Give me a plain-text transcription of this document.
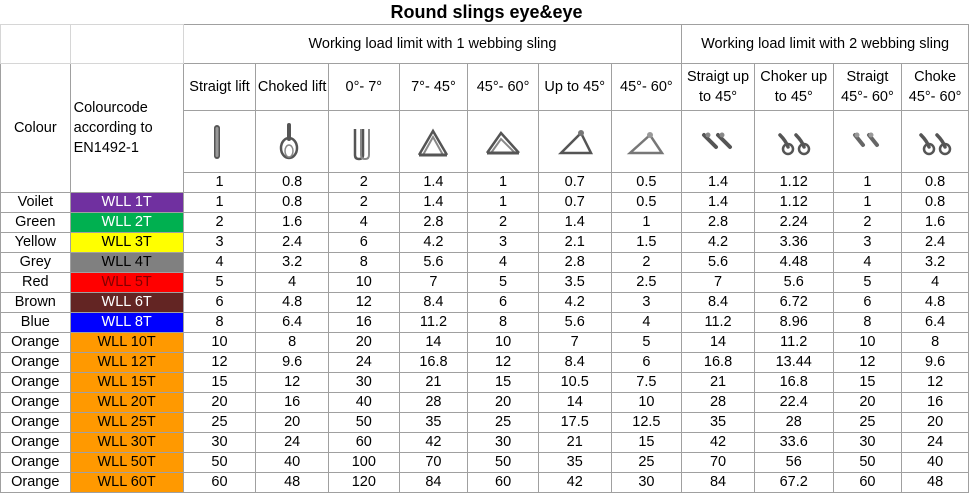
Round slings eye&eye
		Working load limit with 1 webbing sling							Working load limit with 2 webbing sling			
Colour	Colourcode according to EN1492-1	Straigt lift	Choked lift	0°- 7°	7°- 45°	45°- 60°	Up to 45°	45°- 60°	Straigt up to 45°	Choker up to 45°	Straigt 45°- 60°	Choke 45°- 60°

		1	0.8	2	1.4	1	0.7	0.5	1.4	1.12	1	0.8
Voilet	WLL 1T	1	0.8	2	1.4	1	0.7	0.5	1.4	1.12	1	0.8
Green	WLL 2T	2	1.6	4	2.8	2	1.4	1	2.8	2.24	2	1.6
Yellow	WLL 3T	3	2.4	6	4.2	3	2.1	1.5	4.2	3.36	3	2.4
Grey	WLL 4T	4	3.2	8	5.6	4	2.8	2	5.6	4.48	4	3.2
Red	WLL 5T	5	4	10	7	5	3.5	2.5	7	5.6	5	4
Brown	WLL 6T	6	4.8	12	8.4	6	4.2	3	8.4	6.72	6	4.8
Blue	WLL 8T	8	6.4	16	11.2	8	5.6	4	11.2	8.96	8	6.4
Orange	WLL 10T	10	8	20	14	10	7	5	14	11.2	10	8
Orange	WLL 12T	12	9.6	24	16.8	12	8.4	6	16.8	13.44	12	9.6
Orange	WLL 15T	15	12	30	21	15	10.5	7.5	21	16.8	15	12
Orange	WLL 20T	20	16	40	28	20	14	10	28	22.4	20	16
Orange	WLL 25T	25	20	50	35	25	17.5	12.5	35	28	25	20
Orange	WLL 30T	30	24	60	42	30	21	15	42	33.6	30	24
Orange	WLL 50T	50	40	100	70	50	35	25	70	56	50	40
Orange	WLL 60T	60	48	120	84	60	42	30	84	67.2	60	48
